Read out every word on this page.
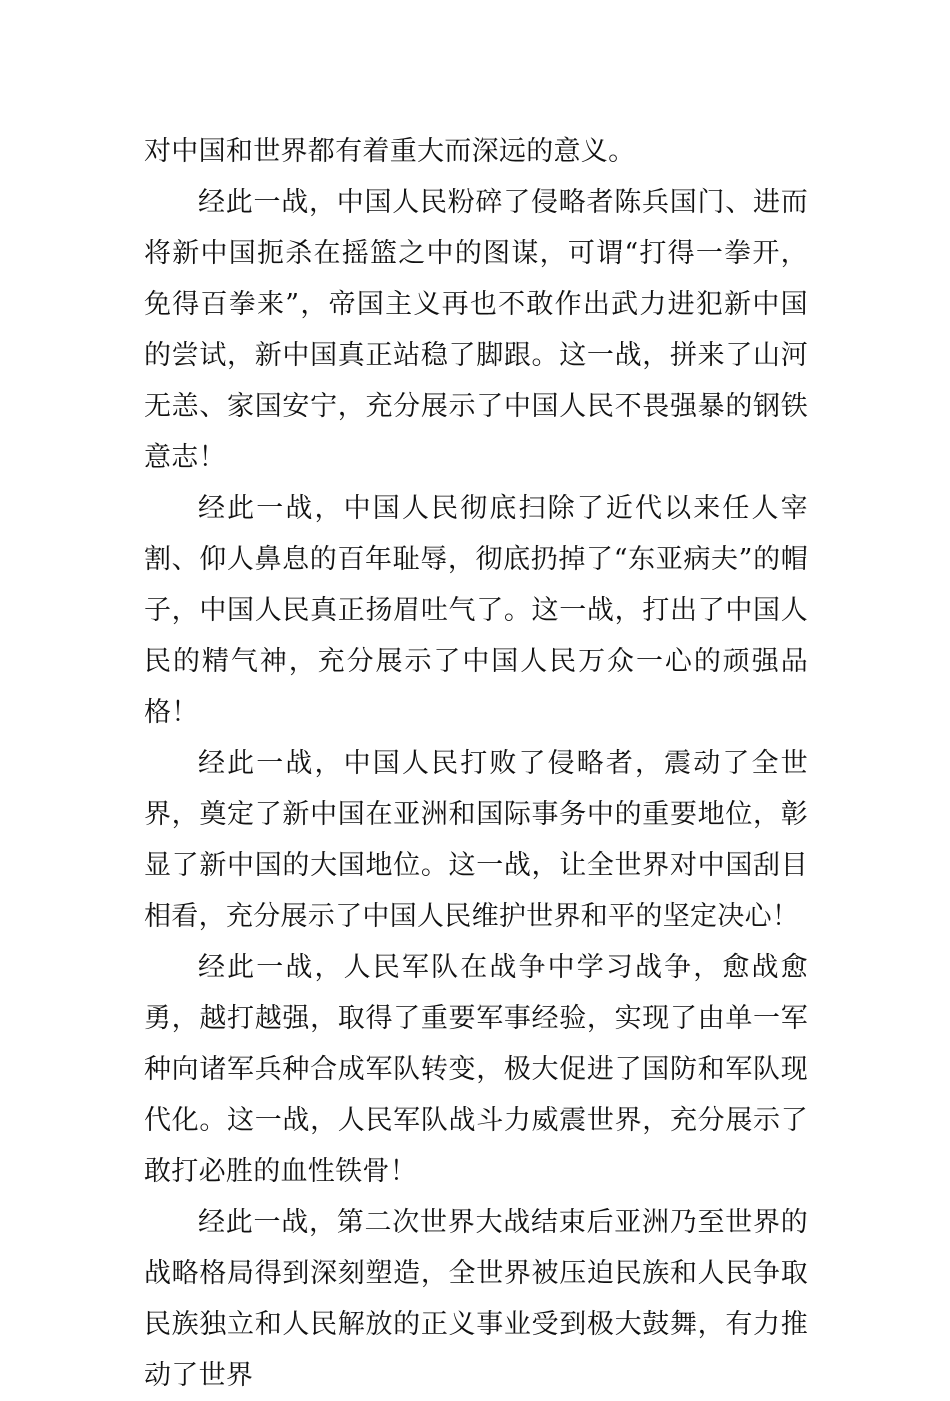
对中国和世界都有着重大而深远的意义。

经此一战，中国人民粉碎了侵略者陈兵国门、进而将新中国扼杀在摇篮之中的图谋，可谓“打得一拳开，免得百拳来”，帝国主义再也不敢作出武力进犯新中国的尝试，新中国真正站稳了脚跟。这一战，拼来了山河无恙、家国安宁，充分展示了中国人民不畏强暴的钢铁意志！

经此一战，中国人民彻底扫除了近代以来任人宰割、仰人鼻息的百年耻辱，彻底扔掉了“东亚病夫”的帽子，中国人民真正扬眉吐气了。这一战，打出了中国人民的精气神，充分展示了中国人民万众一心的顽强品格！

经此一战，中国人民打败了侵略者，震动了全世界，奠定了新中国在亚洲和国际事务中的重要地位，彰显了新中国的大国地位。这一战，让全世界对中国刮目相看，充分展示了中国人民维护世界和平的坚定决心！

经此一战，人民军队在战争中学习战争，愈战愈勇，越打越强，取得了重要军事经验，实现了由单一军种向诸军兵种合成军队转变，极大促进了国防和军队现代化。这一战，人民军队战斗力威震世界，充分展示了敢打必胜的血性铁骨！

经此一战，第二次世界大战结束后亚洲乃至世界的战略格局得到深刻塑造，全世界被压迫民族和人民争取民族独立和人民解放的正义事业受到极大鼓舞，有力推动了世界
